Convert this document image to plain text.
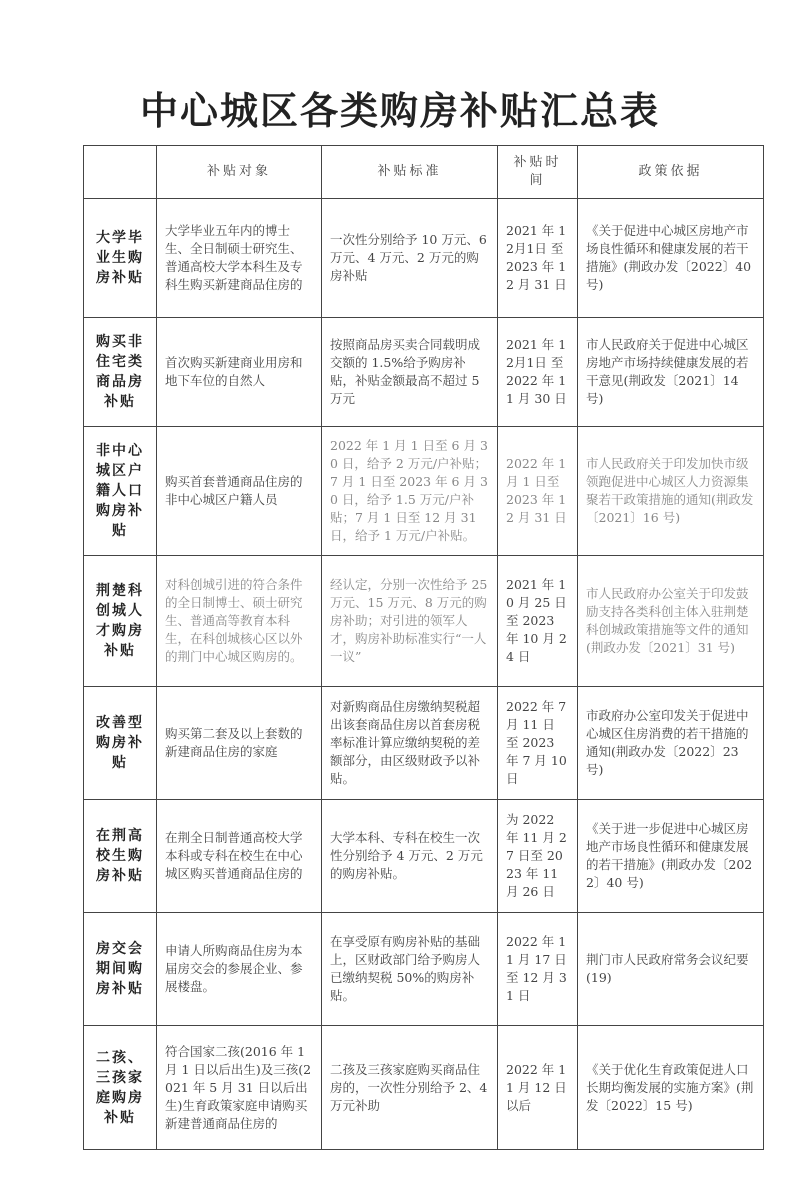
中心城区各类购房补贴汇总表
	补贴对象	补贴标准	补贴时间	政策依据
大学毕业生购房补贴	大学毕业五年内的博士生、全日制硕士研究生、普通高校大学本科生及专科生购买新建商品住房的	一次性分别给予 10 万元、6 万元、4 万元、2 万元的购房补贴	2021 年 12月1日 至 2023 年 12 月 31 日	《关于促进中心城区房地产市场良性循环和健康发展的若干措施》(荆政办发〔2022〕40 号)
购买非住宅类商品房补贴	首次购买新建商业用房和地下车位的自然人	按照商品房买卖合同载明成交额的 1.5%给予购房补贴，补贴金额最高不超过 5 万元	2021 年 12月1日 至 2022 年 11 月 30 日	市人民政府关于促进中心城区房地产市场持续健康发展的若干意见(荆政发〔2021〕14 号)
非中心城区户籍人口购房补贴	购买首套普通商品住房的非中心城区户籍人员	2022 年 1 月 1 日至 6 月 30 日，给予 2 万元/户补贴；7 月 1 日至 2023 年 6 月 30 日，给予 1.5 万元/户补贴；7 月 1 日至 12 月 31 日，给予 1 万元/户补贴。	2022 年 1 月 1 日至 2023 年 12 月 31 日	市人民政府关于印发加快市级领跑促进中心城区人力资源集聚若干政策措施的通知(荆政发〔2021〕16 号)
荆楚科创城人才购房补贴	对科创城引进的符合条件的全日制博士、硕士研究生、普通高等教育本科生，在科创城核心区以外的荆门中心城区购房的。	经认定，分别一次性给予 25 万元、15 万元、8 万元的购房补助；对引进的领军人才，购房补助标准实行“一人一议”	2021 年 10 月 25 日至 2023 年 10 月 24 日	市人民政府办公室关于印发鼓励支持各类科创主体入驻荆楚科创城政策措施等文件的通知(荆政办发〔2021〕31 号)
改善型购房补贴	购买第二套及以上套数的新建商品住房的家庭	对新购商品住房缴纳契税超出该套商品住房以首套房税率标准计算应缴纳契税的差额部分，由区级财政予以补贴。	2022 年 7 月 11 日 至 2023 年 7 月 10 日	市政府办公室印发关于促进中心城区住房消费的若干措施的通知(荆政办发〔2022〕23 号)
在荆高校生购房补贴	在荆全日制普通高校大学本科或专科在校生在中心城区购买普通商品住房的	大学本科、专科在校生一次性分别给予 4 万元、2 万元的购房补贴。	为 2022 年 11 月 27 日至 2023 年 11 月 26 日	《关于进一步促进中心城区房地产市场良性循环和健康发展的若干措施》(荆政办发〔2022〕40 号)
房交会期间购房补贴	申请人所购商品住房为本届房交会的参展企业、参展楼盘。	在享受原有购房补贴的基础上，区财政部门给予购房人已缴纳契税 50%的购房补贴。	2022 年 11 月 17 日至 12 月 31 日	荆门市人民政府常务会议纪要(19)
二孩、三孩家庭购房补贴	符合国家二孩(2016 年 1 月 1 日以后出生)及三孩(2021 年 5 月 31 日以后出生)生育政策家庭申请购买新建普通商品住房的	二孩及三孩家庭购买商品住房的，一次性分别给予 2、4 万元补助	2022 年 11 月 12 日以后	《关于优化生育政策促进人口长期均衡发展的实施方案》(荆发〔2022〕15 号)
